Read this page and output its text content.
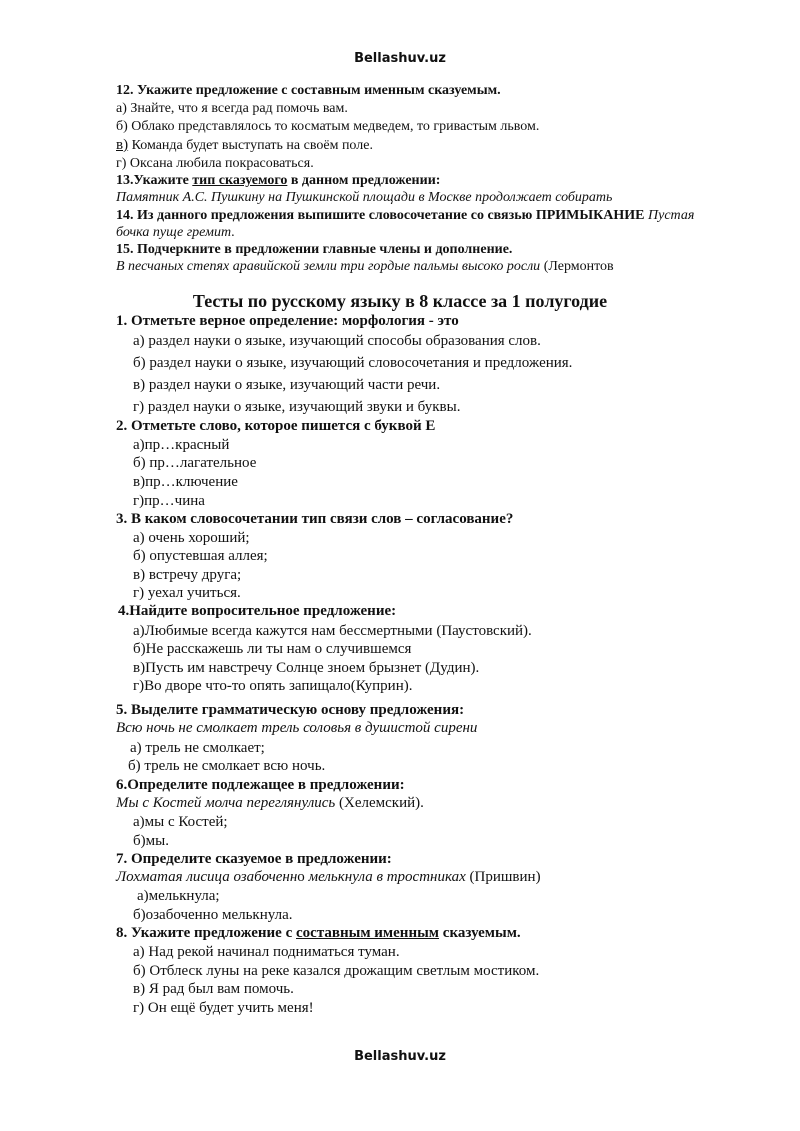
Bellashuv.uz
12. Укажите предложение с составным именным сказуемым.
а) Знайте, что я всегда рад помочь вам.
б) Облако представлялось то косматым медведем, то гривастым львом.
в) Команда будет выступать на своём поле.
г) Оксана любила покрасоваться.
13.Укажите тип сказуемого в данном предложении:
Памятник А.С. Пушкину на Пушкинской площади в Москве продолжает собирать
14. Из данного предложения выпишите словосочетание со связью ПРИМЫКАНИЕ Пустая
бочка пуще гремит.
15. Подчеркните в предложении главные члены и дополнение.
В песчаных степях аравийской земли три гордые пальмы высоко росли (Лермонтов
Тесты по русскому языку в 8 классе за 1 полугодие
1. Отметьте верное определение: морфология - это
а) раздел науки о языке, изучающий способы образования слов.
б) раздел науки о языке, изучающий словосочетания и предложения.
в) раздел науки о языке, изучающий части речи.
г) раздел науки о языке, изучающий звуки и буквы.
2. Отметьте слово, которое пишется с буквой Е
а)пр…красный
б) пр…лагательное
в)пр…ключение
г)пр…чина
3. В каком словосочетании тип связи слов – согласование?
а) очень хороший;
б) опустевшая аллея;
в) встречу друга;
г) уехал учиться.
4.Найдите вопросительное предложение:
а)Любимые всегда кажутся нам бессмертными (Паустовский).
б)Не расскажешь ли ты нам о случившемся
в)Пусть им навстречу Солнце зноем брызнет (Дудин).
г)Во дворе что-то опять запищало(Куприн).
5. Выделите грамматическую основу предложения:
Всю ночь не смолкает трель соловья в душистой сирени
а) трель не смолкает;
б) трель не смолкает всю ночь.
6.Определите подлежащее в предложении:
Мы с Костей молча переглянулись (Хелемский).
а)мы с Костей;
б)мы.
7. Определите сказуемое в предложении:
Лохматая лисица озабоченно мелькнула в тростниках (Пришвин)
а)мелькнула;
б)озабоченно мелькнула.
8. Укажите предложение с составным именным сказуемым.
а) Над рекой начинал подниматься туман.
б) Отблеск луны на реке казался дрожащим светлым мостиком.
в) Я рад был вам помочь.
г) Он ещё будет учить меня!
Bellashuv.uz
